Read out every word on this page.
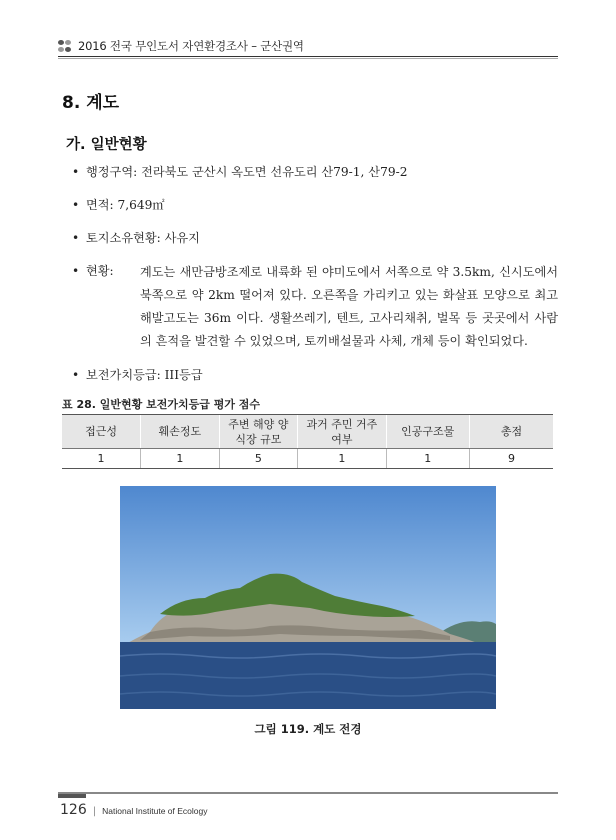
2016 전국 무인도서 자연환경조사 – 군산권역
8. 계도
가. 일반현황
• 행정구역: 전라북도 군산시 옥도면 선유도리 산79-1, 산79-2
• 면적: 7,649㎡
• 토지소유현황: 사유지
• 현황:	계도는 새만금방조제로 내륙화 된 야미도에서 서쪽으로 약 3.5km, 신시도에서 북쪽으로 약 2km 떨어져 있다. 오른쪽을 가리키고 있는 화살표 모양으로 최고해발고도는 36m 이다. 생활쓰레기, 텐트, 고사리채취, 벌목 등 곳곳에서 사람의 흔적을 발견할 수 있었으며, 토끼배설물과 사체, 개체 등이 확인되었다.
• 보전가치등급: III등급
표 28. 일반현황 보전가치등급 평가 점수
접근성	훼손정도	주변 해양 양식장 규모	과거 주민 거주 여부	인공구조물	총점
1	1	5	1	1	9
그림 119. 계도 전경
126 | National Institute of Ecology
